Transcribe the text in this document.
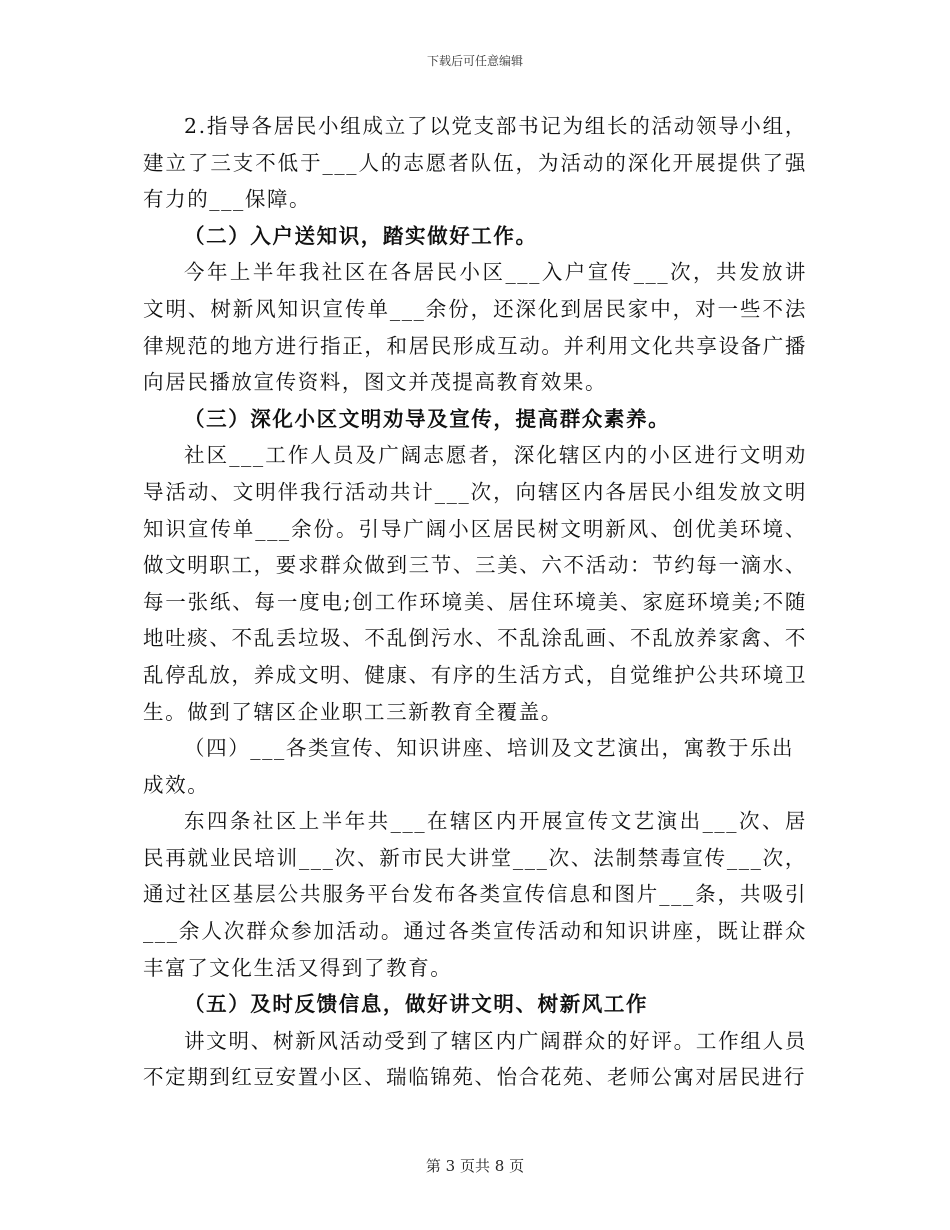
下载后可任意编辑

2.指导各居民小组成立了以党支部书记为组长的活动领导小组，建立了三支不低于___人的志愿者队伍，为活动的深化开展提供了强有力的___保障。

（二）入户送知识，踏实做好工作。

今年上半年我社区在各居民小区___入户宣传___次，共发放讲文明、树新风知识宣传单___余份，还深化到居民家中，对一些不法律规范的地方进行指正，和居民形成互动。并利用文化共享设备广播向居民播放宣传资料，图文并茂提高教育效果。

（三）深化小区文明劝导及宣传，提高群众素养。

社区___工作人员及广阔志愿者，深化辖区内的小区进行文明劝导活动、文明伴我行活动共计___次，向辖区内各居民小组发放文明知识宣传单___余份。引导广阔小区居民树文明新风、创优美环境、做文明职工，要求群众做到三节、三美、六不活动：节约每一滴水、每一张纸、每一度电;创工作环境美、居住环境美、家庭环境美;不随地吐痰、不乱丢垃圾、不乱倒污水、不乱涂乱画、不乱放养家禽、不乱停乱放，养成文明、健康、有序的生活方式，自觉维护公共环境卫生。做到了辖区企业职工三新教育全覆盖。

（四）___各类宣传、知识讲座、培训及文艺演出，寓教于乐出成效。

东四条社区上半年共___在辖区内开展宣传文艺演出___次、居民再就业民培训___次、新市民大讲堂___次、法制禁毒宣传___次，通过社区基层公共服务平台发布各类宣传信息和图片___条，共吸引___余人次群众参加活动。通过各类宣传活动和知识讲座，既让群众丰富了文化生活又得到了教育。

（五）及时反馈信息，做好讲文明、树新风工作

讲文明、树新风活动受到了辖区内广阔群众的好评。工作组人员不定期到红豆安置小区、瑞临锦苑、怡合花苑、老师公寓对居民进行

第 3 页共 8 页
